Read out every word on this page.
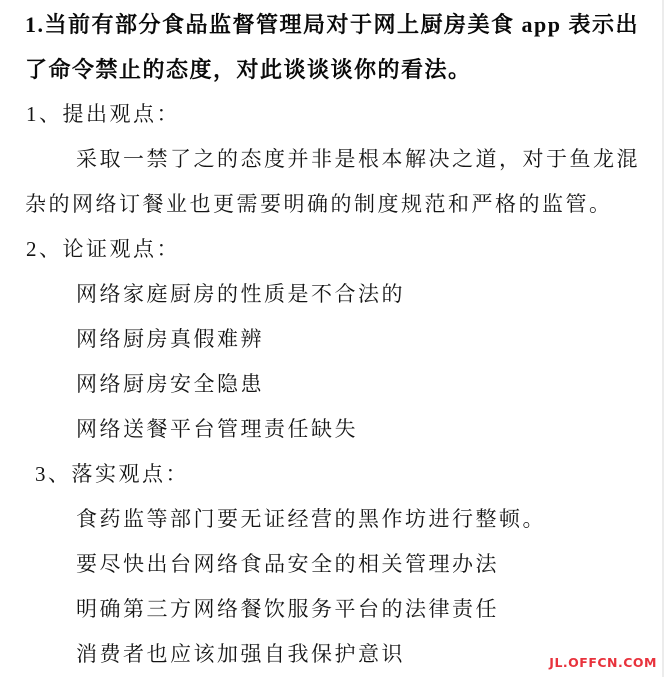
1.当前有部分食品监督管理局对于网上厨房美食 app 表示出

了命令禁止的态度，对此谈谈谈你的看法。

1、提出观点：

采取一禁了之的态度并非是根本解决之道，对于鱼龙混

杂的网络订餐业也更需要明确的制度规范和严格的监管。

2、论证观点：

网络家庭厨房的性质是不合法的

网络厨房真假难辨

网络厨房安全隐患

网络送餐平台管理责任缺失

3、落实观点：

食药监等部门要无证经营的黑作坊进行整顿。

要尽快出台网络食品安全的相关管理办法

明确第三方网络餐饮服务平台的法律责任

消费者也应该加强自我保护意识	JL.OFFCN.COM
